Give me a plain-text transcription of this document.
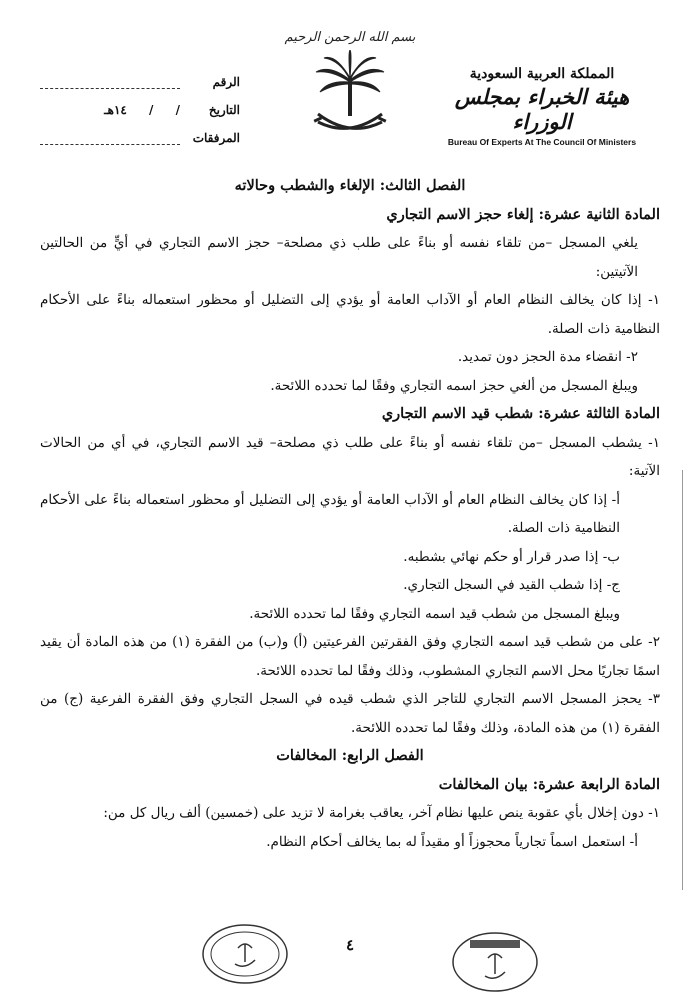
بسم الله الرحمن الرحيم
المملكة العربية السعودية
هيئة الخبراء بمجلس الوزراء
Bureau Of Experts At The Council Of Ministers
الرقم
التاريخ
/ / ١٤هـ
المرفقات

الفصل الثالث: الإلغاء والشطب وحالاته

المادة الثانية عشرة: إلغاء حجز الاسم التجاري

يلغي المسجل –من تلقاء نفسه أو بناءً على طلب ذي مصلحة– حجز الاسم التجاري في أيٍّ من الحالتين الآتيتين:

١- إذا كان يخالف النظام العام أو الآداب العامة أو يؤدي إلى التضليل أو محظور استعماله بناءً على الأحكام النظامية ذات الصلة.

٢- انقضاء مدة الحجز دون تمديد.

ويبلغ المسجل من ألغي حجز اسمه التجاري وفقًا لما تحدده اللائحة.

المادة الثالثة عشرة: شطب قيد الاسم التجاري

١- يشطب المسجل –من تلقاء نفسه أو بناءً على طلب ذي مصلحة– قيد الاسم التجاري، في أي من الحالات الآتية:

أ- إذا كان يخالف النظام العام أو الآداب العامة أو يؤدي إلى التضليل أو محظور استعماله بناءً على الأحكام النظامية ذات الصلة.

ب- إذا صدر قرار أو حكم نهائي بشطبه.

ج- إذا شطب القيد في السجل التجاري.

ويبلغ المسجل من شطب قيد اسمه التجاري وفقًا لما تحدده اللائحة.

٢- على من شطب قيد اسمه التجاري وفق الفقرتين الفرعيتين (أ) و(ب) من الفقرة (١) من هذه المادة أن يقيد اسمًا تجاريًا محل الاسم التجاري المشطوب، وذلك وفقًا لما تحدده اللائحة.

٣- يحجز المسجل الاسم التجاري للتاجر الذي شطب قيده في السجل التجاري وفق الفقرة الفرعية (ج) من الفقرة (١) من هذه المادة، وذلك وفقًا لما تحدده اللائحة.

الفصل الرابع: المخالفات

المادة الرابعة عشرة: بيان المخالفات

١- دون إخلال بأي عقوبة ينص عليها نظام آخر، يعاقب بغرامة لا تزيد على (خمسين) ألف ريال كل من:

أ- استعمل اسماً تجارياً محجوزاً أو مقيداً له بما يخالف أحكام النظام.

٤
